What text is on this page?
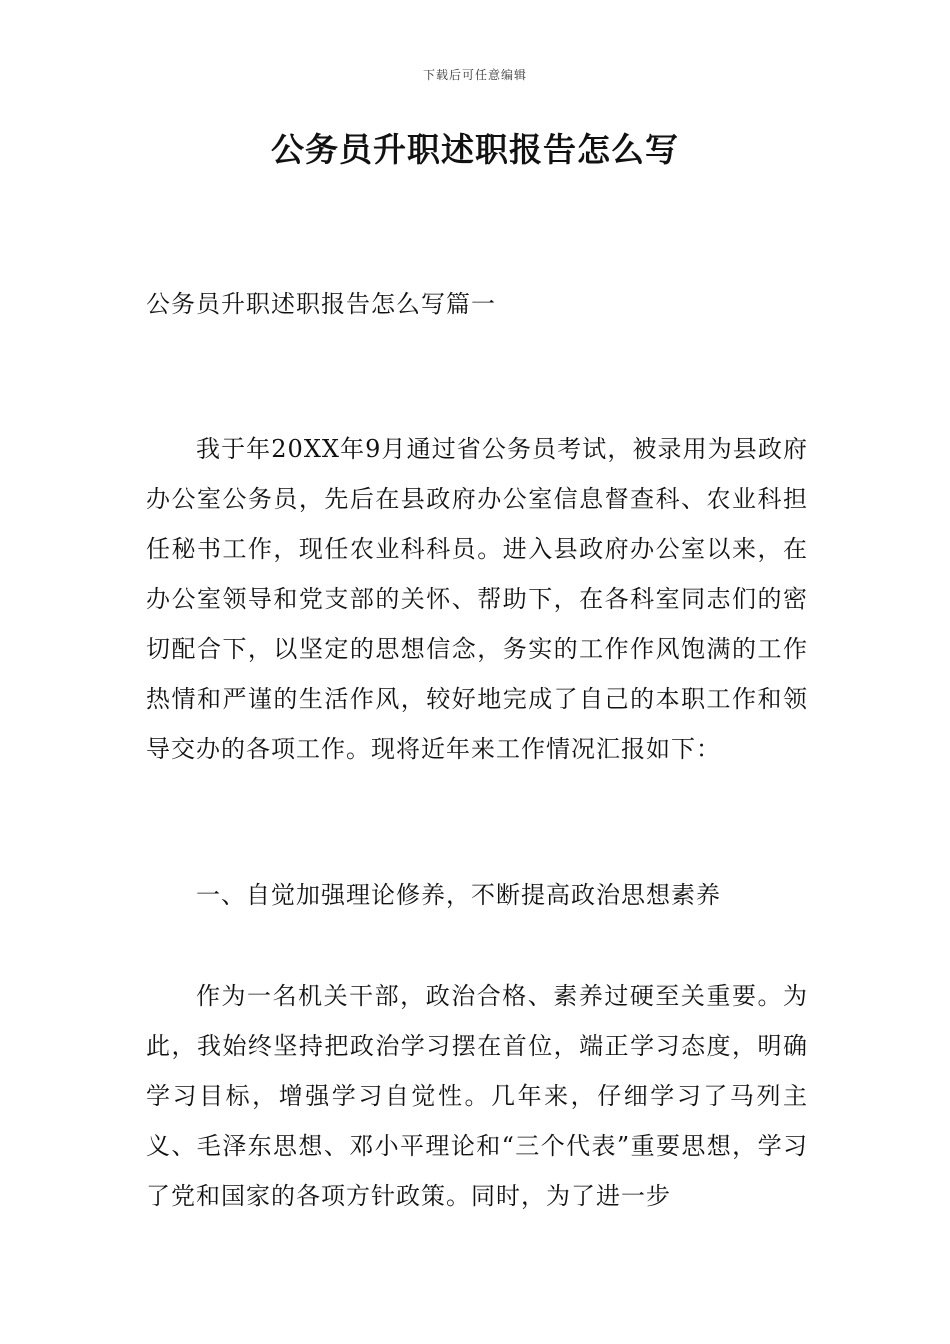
下载后可任意编辑
公务员升职述职报告怎么写

公务员升职述职报告怎么写篇一

我于年20XX年9月通过省公务员考试，被录用为县政府办公室公务员，先后在县政府办公室信息督查科、农业科担任秘书工作，现任农业科科员。进入县政府办公室以来，在办公室领导和党支部的关怀、帮助下，在各科室同志们的密切配合下，以坚定的思想信念，务实的工作作风饱满的工作热情和严谨的生活作风，较好地完成了自己的本职工作和领导交办的各项工作。现将近年来工作情况汇报如下：

一、自觉加强理论修养，不断提高政治思想素养

作为一名机关干部，政治合格、素养过硬至关重要。为此，我始终坚持把政治学习摆在首位，端正学习态度，明确学习目标，增强学习自觉性。几年来，仔细学习了马列主义、毛泽东思想、邓小平理论和“三个代表”重要思想，学习了党和国家的各项方针政策。同时，为了进一步
